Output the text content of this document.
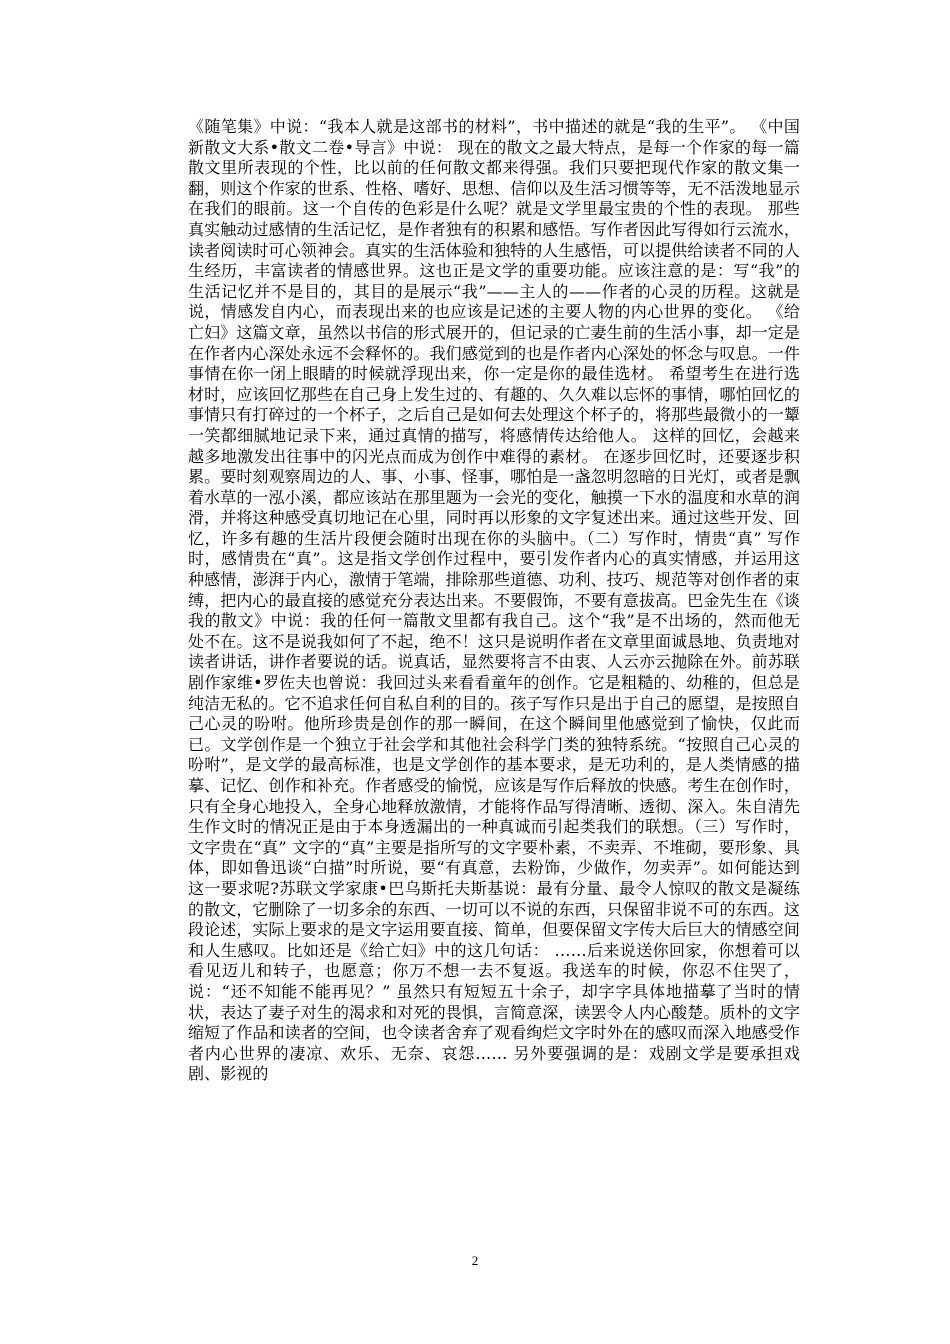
《随笔集》中说：“我本人就是这部书的材料”，书中描述的就是“我的生平”。 《中国新散文大系•散文二卷•导言》中说： 现在的散文之最大特点，是每一个作家的每一篇散文里所表现的个性，比以前的任何散文都来得强。我们只要把现代作家的散文集一翻，则这个作家的世系、性格、嗜好、思想、信仰以及生活习惯等等，无不活泼地显示在我们的眼前。这一个自传的色彩是什么呢？就是文学里最宝贵的个性的表现。 那些真实触动过感情的生活记忆，是作者独有的积累和感悟。写作者因此写得如行云流水，读者阅读时可心领神会。真实的生活体验和独特的人生感悟，可以提供给读者不同的人生经历，丰富读者的情感世界。这也正是文学的重要功能。应该注意的是：写“我”的生活记忆并不是目的，其目的是展示“我”——主人的——作者的心灵的历程。这就是说，情感发自内心，而表现出来的也应该是记述的主要人物的内心世界的变化。 《给亡妇》这篇文章，虽然以书信的形式展开的，但记录的亡妻生前的生活小事，却一定是在作者内心深处永远不会释怀的。我们感觉到的也是作者内心深处的怀念与叹息。一件事情在你一闭上眼睛的时候就浮现出来，你一定是你的最佳选材。 希望考生在进行选材时，应该回忆那些在自己身上发生过的、有趣的、久久难以忘怀的事情，哪怕回忆的事情只有打碎过的一个杯子，之后自己是如何去处理这个杯子的，将那些最微小的一颦一笑都细腻地记录下来，通过真情的描写，将感情传达给他人。 这样的回忆，会越来越多地激发出往事中的闪光点而成为创作中难得的素材。 在逐步回忆时，还要逐步积累。要时刻观察周边的人、事、小事、怪事，哪怕是一盏忽明忽暗的日光灯，或者是飘着水草的一泓小溪，都应该站在那里题为一会光的变化，触摸一下水的温度和水草的润滑，并将这种感受真切地记在心里，同时再以形象的文字复述出来。通过这些开发、回忆，许多有趣的生活片段便会随时出现在你的头脑中。（二）写作时，情贵“真” 写作时，感情贵在“真”。这是指文学创作过程中，要引发作者内心的真实情感，并运用这种感情，澎湃于内心，激情于笔端，排除那些道德、功利、技巧、规范等对创作者的束缚，把内心的最直接的感觉充分表达出来。不要假饰，不要有意拔高。巴金先生在《谈我的散文》中说：我的任何一篇散文里都有我自己。这个“我”是不出场的，然而他无处不在。这不是说我如何了不起，绝不！这只是说明作者在文章里面诚恳地、负责地对读者讲话，讲作者要说的话。说真话，显然要将言不由衷、人云亦云抛除在外。前苏联剧作家维•罗佐夫也曾说：我回过头来看看童年的创作。它是粗糙的、幼稚的，但总是纯洁无私的。它不追求任何自私自利的目的。孩子写作只是出于自己的愿望，是按照自己心灵的吩咐。他所珍贵是创作的那一瞬间，在这个瞬间里他感觉到了愉快，仅此而已。文学创作是一个独立于社会学和其他社会科学门类的独特系统。“按照自己心灵的吩咐”，是文学的最高标准，也是文学创作的基本要求，是无功利的，是人类情感的描摹、记忆、创作和补充。作者感受的愉悦，应该是写作后释放的快感。考生在创作时，只有全身心地投入，全身心地释放激情，才能将作品写得清晰、透彻、深入。朱自清先生作文时的情况正是由于本身透漏出的一种真诚而引起类我们的联想。（三）写作时，文字贵在“真” 文字的“真”主要是指所写的文字要朴素，不卖弄、不堆砌，要形象、具体，即如鲁迅谈“白描”时所说，要“有真意，去粉饰，少做作，勿卖弄”。如何能达到这一要求呢?苏联文学家康•巴乌斯托夫斯基说：最有分量、最令人惊叹的散文是凝练的散文，它删除了一切多余的东西、一切可以不说的东西，只保留非说不可的东西。这段论述，实际上要求的是文字运用要直接、简单，但要保留文字传大后巨大的情感空间和人生感叹。比如还是《给亡妇》中的这几句话： ……后来说送你回家，你想着可以看见迈儿和转子，也愿意；你万不想一去不复返。我送车的时候，你忍不住哭了，说：“还不知能不能再见？” 虽然只有短短五十余子，却字字具体地描摹了当时的情状，表达了妻子对生的渴求和对死的畏惧，言简意深，读罢令人内心酸楚。质朴的文字缩短了作品和读者的空间，也令读者舍弃了观看绚烂文字时外在的感叹而深入地感受作者内心世界的凄凉、欢乐、无奈、哀怨…… 另外要强调的是：戏剧文学是要承担戏剧、影视的

2
